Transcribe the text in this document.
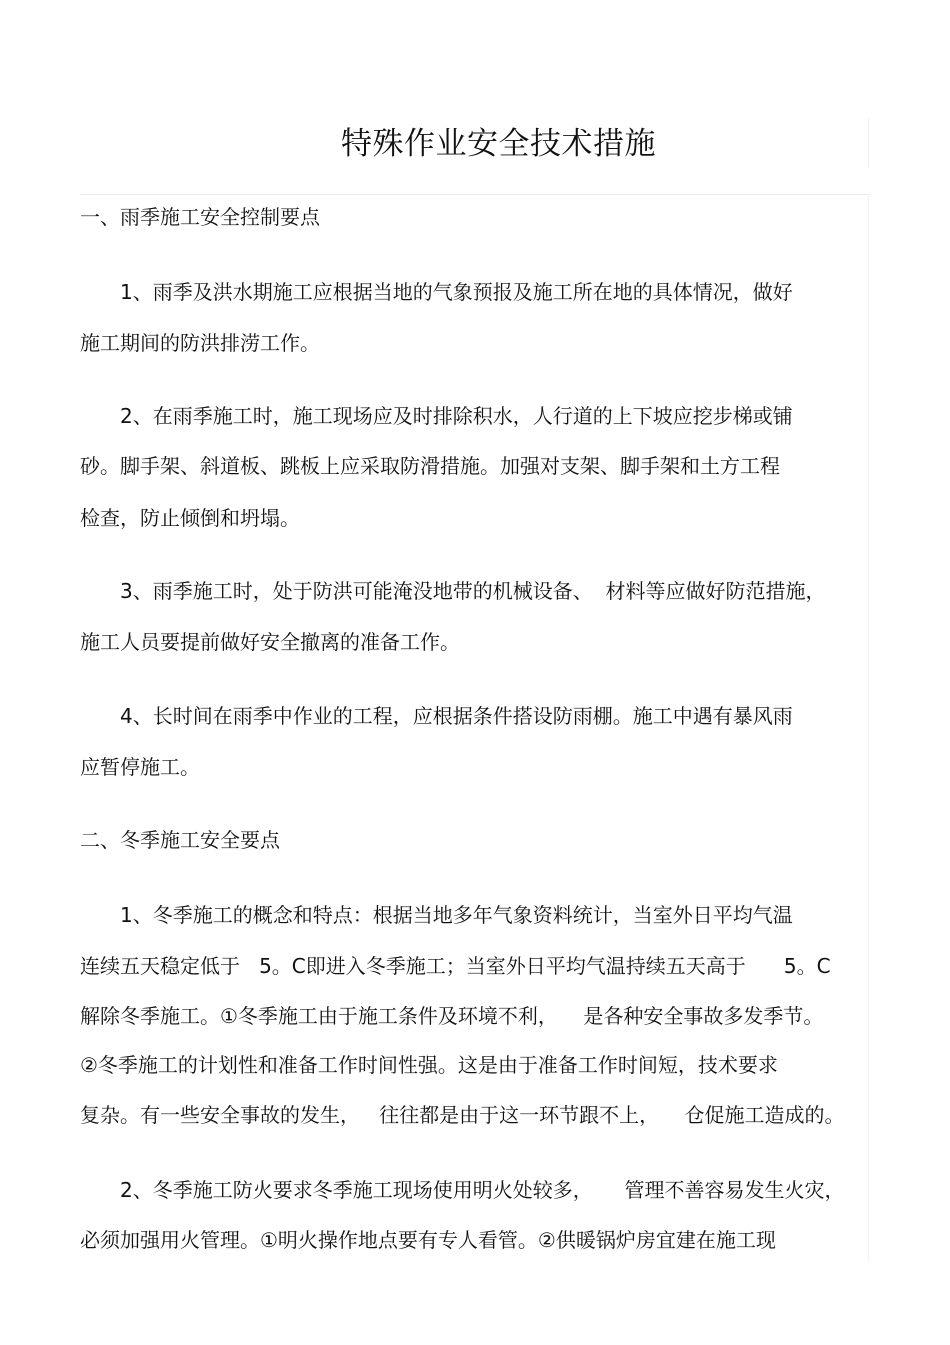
特殊作业安全技术措施
一、雨季施工安全控制要点
1、雨季及洪水期施工应根据当地的气象预报及施工所在地的具体情况，做好
施工期间的防洪排涝工作。
2、在雨季施工时，施工现场应及时排除积水，人行道的上下坡应挖步梯或铺
砂。脚手架、斜道板、跳板上应采取防滑措施。加强对支架、脚手架和土方工程
检查，防止倾倒和坍塌。
3、雨季施工时，处于防洪可能淹没地带的机械设备、  材料等应做好防范措施，
施工人员要提前做好安全撤离的准备工作。
4、长时间在雨季中作业的工程，应根据条件搭设防雨棚。施工中遇有暴风雨
应暂停施工。
二、冬季施工安全要点
1、冬季施工的概念和特点：根据当地多年气象资料统计，当室外日平均气温
连续五天稳定低于   5。C即进入冬季施工；当室外日平均气温持续五天高于      5。C
解除冬季施工。①冬季施工由于施工条件及环境不利，    是各种安全事故多发季节。
②冬季施工的计划性和准备工作时间性强。这是由于准备工作时间短，技术要求
复杂。有一些安全事故的发生，   往往都是由于这一环节跟不上，    仓促施工造成的。
2、冬季施工防火要求冬季施工现场使用明火处较多，     管理不善容易发生火灾，
必须加强用火管理。①明火操作地点要有专人看管。②供暖锅炉房宜建在施工现
